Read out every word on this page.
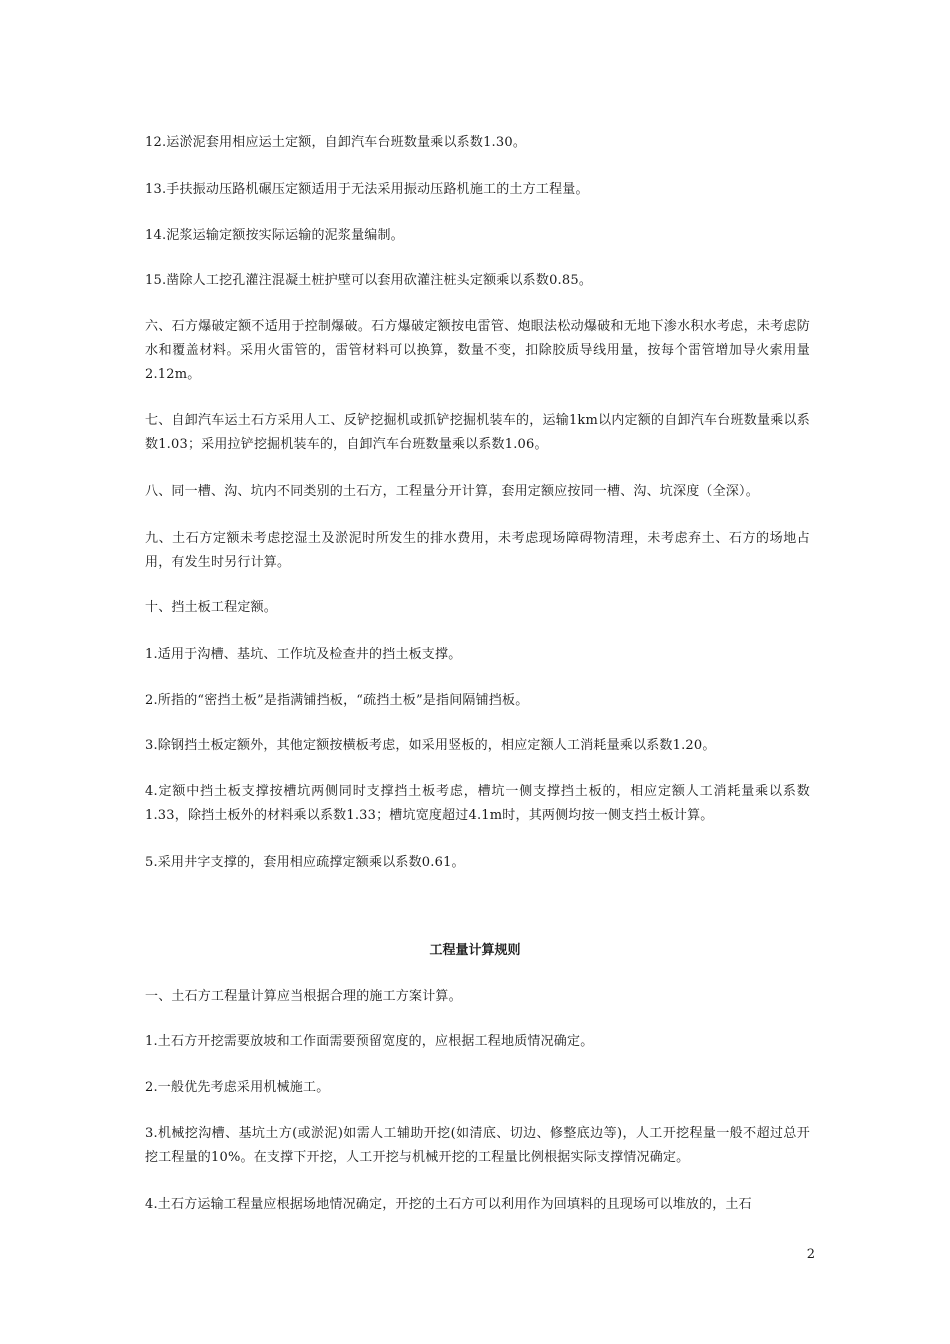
12.运淤泥套用相应运土定额，自卸汽车台班数量乘以系数1.30。

13.手扶振动压路机碾压定额适用于无法采用振动压路机施工的土方工程量。

14.泥浆运输定额按实际运输的泥浆量编制。

15.凿除人工挖孔灌注混凝土桩护壁可以套用砍灌注桩头定额乘以系数0.85。

六、石方爆破定额不适用于控制爆破。石方爆破定额按电雷管、炮眼法松动爆破和无地下渗水积水考虑，未考虑防水和覆盖材料。采用火雷管的，雷管材料可以换算，数量不变，扣除胶质导线用量，按每个雷管增加导火索用量2.12m。

七、自卸汽车运土石方采用人工、反铲挖掘机或抓铲挖掘机装车的，运输1km以内定额的自卸汽车台班数量乘以系数1.03；采用拉铲挖掘机装车的，自卸汽车台班数量乘以系数1.06。

八、同一槽、沟、坑内不同类别的土石方，工程量分开计算，套用定额应按同一槽、沟、坑深度（全深）。

九、土石方定额未考虑挖湿土及淤泥时所发生的排水费用，未考虑现场障碍物清理，未考虑弃土、石方的场地占用，有发生时另行计算。

十、挡土板工程定额。

1.适用于沟槽、基坑、工作坑及检查井的挡土板支撑。

2.所指的“密挡土板”是指满铺挡板，“疏挡土板”是指间隔铺挡板。

3.除钢挡土板定额外，其他定额按横板考虑，如采用竖板的，相应定额人工消耗量乘以系数1.20。

4.定额中挡土板支撑按槽坑两侧同时支撑挡土板考虑，槽坑一侧支撑挡土板的，相应定额人工消耗量乘以系数1.33，除挡土板外的材料乘以系数1.33；槽坑宽度超过4.1m时，其两侧均按一侧支挡土板计算。

5.采用井字支撑的，套用相应疏撑定额乘以系数0.61。

工程量计算规则

一、土石方工程量计算应当根据合理的施工方案计算。

1.土石方开挖需要放坡和工作面需要预留宽度的，应根据工程地质情况确定。

2.一般优先考虑采用机械施工。

3.机械挖沟槽、基坑土方(或淤泥)如需人工辅助开挖(如清底、切边、修整底边等)，人工开挖程量一般不超过总开挖工程量的10%。在支撑下开挖，人工开挖与机械开挖的工程量比例根据实际支撑情况确定。

4.土石方运输工程量应根据场地情况确定，开挖的土石方可以利用作为回填料的且现场可以堆放的，土石

2
